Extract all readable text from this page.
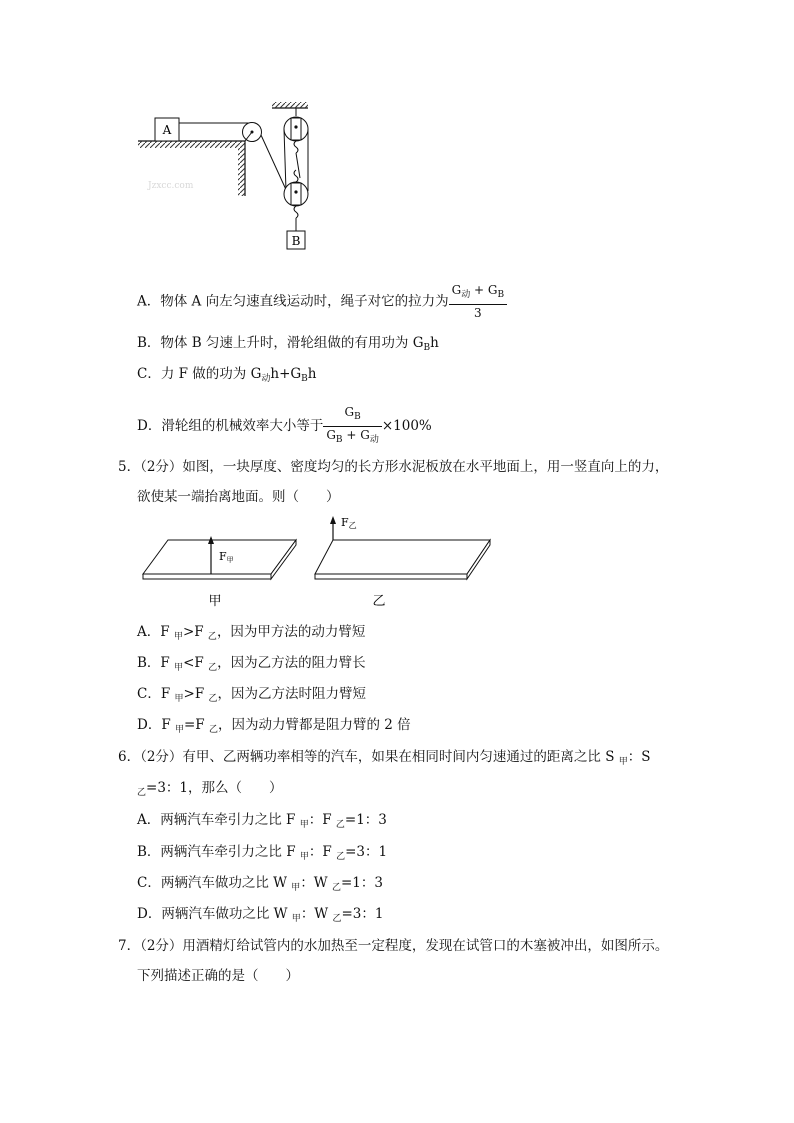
A
B
Jzxcc.com
A．物体 A 向左匀速直线运动时，绳子对它的拉力为 $\frac{G_动 + G_B}{3}$
B．物体 B 匀速上升时，滑轮组做的有用功为 $G_Bh$
C．力 F 做的功为 $G_动h+G_Bh$
D．滑轮组的机械效率大小等于 $\frac{G_B}{G_B + G_动} \times 100\%$
5．（2分）如图，一块厚度、密度均匀的长方形水泥板放在水平地面上，用一竖直向上的力，
欲使某一端抬离地面。则（　　）
F甲
F乙
甲	乙
A．F $_甲$>F $_乙$，因为甲方法的动力臂短
B．F $_甲$<F $_乙$，因为乙方法的阻力臂长
C．F $_甲$>F $_乙$，因为乙方法时阻力臂短
D．F $_甲$=F $_乙$，因为动力臂都是阻力臂的 2 倍
6．（2分）有甲、乙两辆功率相等的汽车，如果在相同时间内匀速通过的距离之比 S $_甲$：S
$_乙$=3：1，那么（　　）
A．两辆汽车牵引力之比 F $_甲$：F $_乙$=1：3
B．两辆汽车牵引力之比 F $_甲$：F $_乙$=3：1
C．两辆汽车做功之比 W $_甲$：W $_乙$=1：3
D．两辆汽车做功之比 W $_甲$：W $_乙$=3：1
7．（2分）用酒精灯给试管内的水加热至一定程度，发现在试管口的木塞被冲出，如图所示。
下列描述正确的是（　　）
